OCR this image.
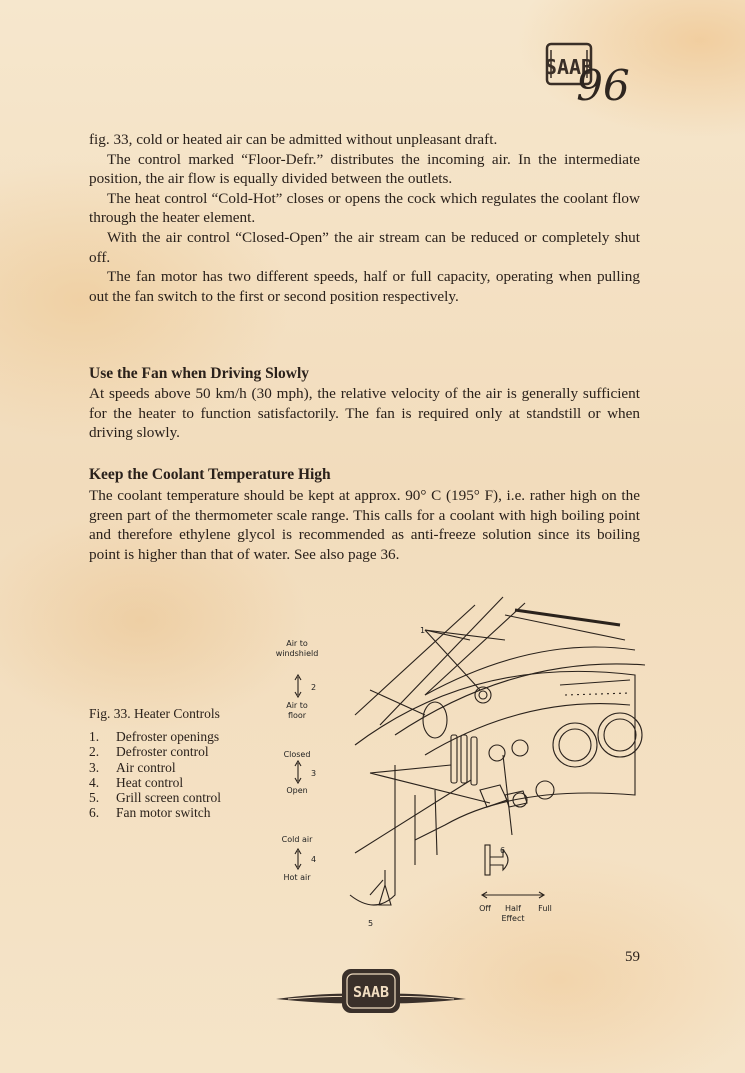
SAAB
96

fig. 33, cold or heated air can be admitted without unpleasant draft.

The control marked “Floor-Defr.” distributes the incoming air. In the intermediate position, the air flow is equally divided between the outlets.

The heat control “Cold-Hot” closes or opens the cock which regulates the coolant flow through the heater element.

With the air control “Closed-Open” the air stream can be reduced or completely shut off.

The fan motor has two different speeds, half or full capacity, operating when pulling out the fan switch to the first or second position respectively.

Use the Fan when Driving Slowly

At speeds above 50 km/h (30 mph), the relative velocity of the air is generally sufficient for the heater to function satisfactorily. The fan is required only at standstill or when driving slowly.

Keep the Coolant Temperature High

The coolant temperature should be kept at approx. 90° C (195° F), i.e. rather high on the green part of the thermometer scale range. This calls for a coolant with high boiling point and therefore ethylene glycol is recommended as anti-freeze solution since its boiling point is higher than that of water. See also page 36.

Fig. 33. Heater Controls

1.	Defroster openings
2.	Defroster control
3.	Air control
4.	Heat control
5.	Grill screen control
6.	Fan motor switch
1
2
3
4
5
6
Air to
windshield
Air to
floor
Closed
Open
Cold air
Hot air
Off Half Full
Effect
59
SAAB
